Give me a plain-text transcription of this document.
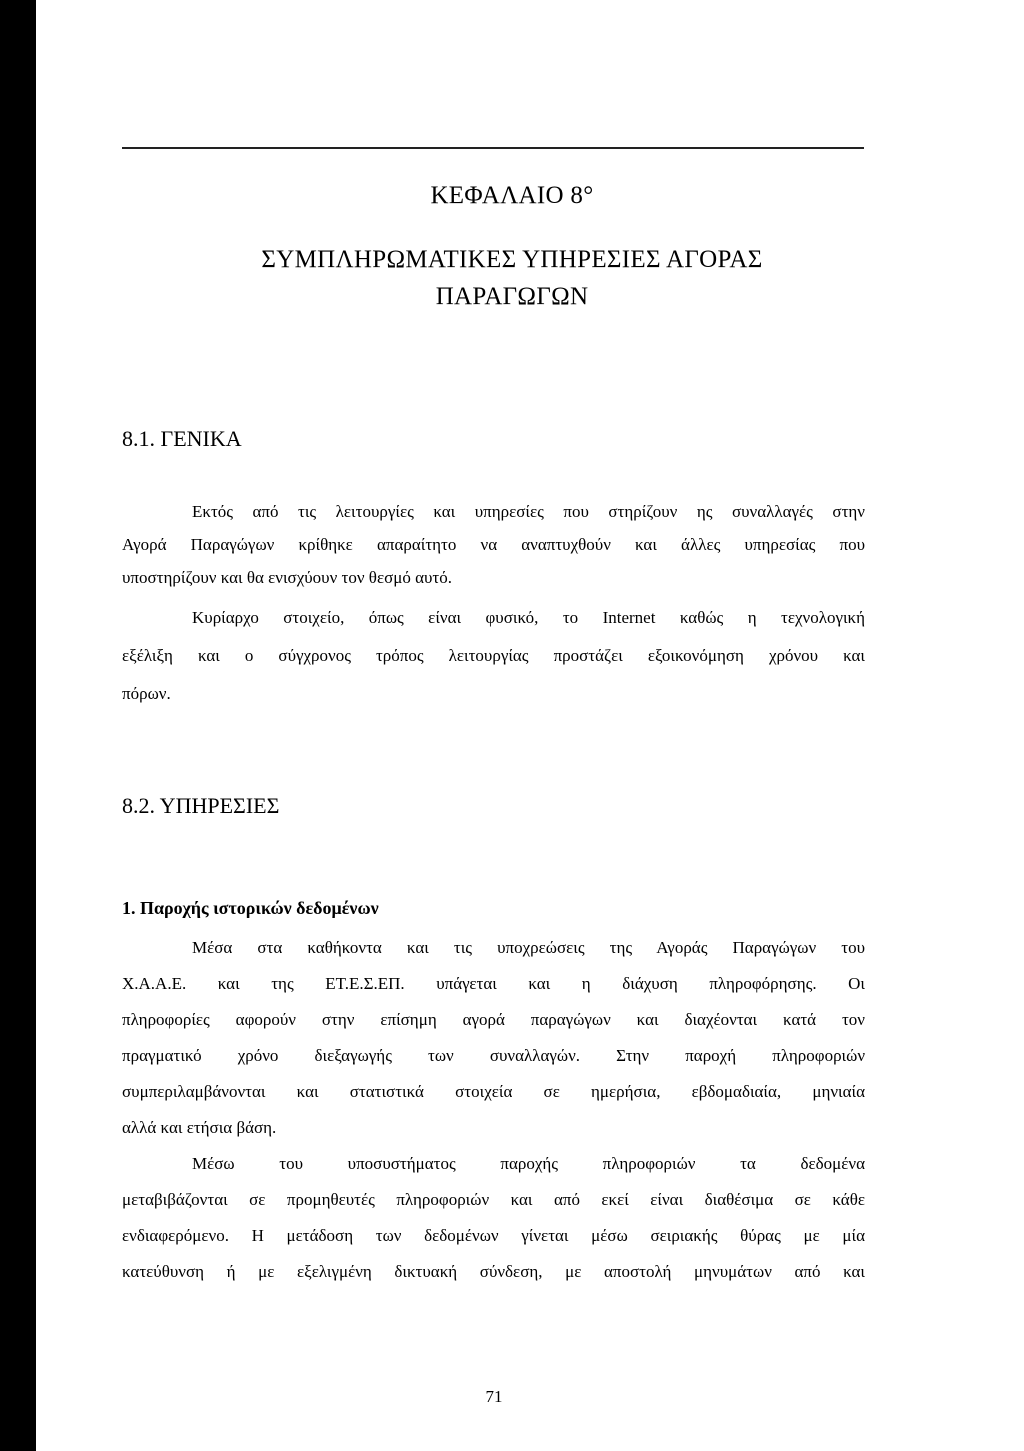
ΚΕΦΑΛΑΙΟ 8°
ΣΥΜΠΛΗΡΩΜΑΤΙΚΕΣ ΥΠΗΡΕΣΙΕΣ ΑΓΟΡΑΣ
ΠΑΡΑΓΩΓΩΝ
8.1. ΓΕΝΙΚΑ
Εκτός από τις λειτουργίες και υπηρεσίες που στηρίζουν ης συναλλαγές στην
Αγορά Παραγώγων κρίθηκε απαραίτητο να αναπτυχθούν και άλλες υπηρεσίας που
υποστηρίζουν και θα ενισχύουν τον θεσμό αυτό.
Κυρίαρχο στοιχείο, όπως είναι φυσικό, το Internet καθώς η τεχνολογική
εξέλιξη και ο σύγχρονος τρόπος λειτουργίας προστάζει εξοικονόμηση χρόνου και
πόρων.
8.2. ΥΠΗΡΕΣΙΕΣ
1. Παροχής ιστορικών δεδομένων
Μέσα στα καθήκοντα και τις υποχρεώσεις της Αγοράς Παραγώγων του
Χ.Α.Α.Ε. και της ΕΤ.Ε.Σ.ΕΠ. υπάγεται και η διάχυση πληροφόρησης. Οι
πληροφορίες αφορούν στην επίσημη αγορά παραγώγων και διαχέονται κατά τον
πραγματικό χρόνο διεξαγωγής των συναλλαγών. Στην παροχή πληροφοριών
συμπεριλαμβάνονται και στατιστικά στοιχεία σε ημερήσια, εβδομαδιαία, μηνιαία
αλλά και ετήσια βάση.
Μέσω του υποσυστήματος παροχής πληροφοριών τα δεδομένα
μεταβιβάζονται σε προμηθευτές πληροφοριών και από εκεί είναι διαθέσιμα σε κάθε
ενδιαφερόμενο. Η μετάδοση των δεδομένων γίνεται μέσω σειριακής θύρας με μία
κατεύθυνση ή με εξελιγμένη δικτυακή σύνδεση, με αποστολή μηνυμάτων από και
71
